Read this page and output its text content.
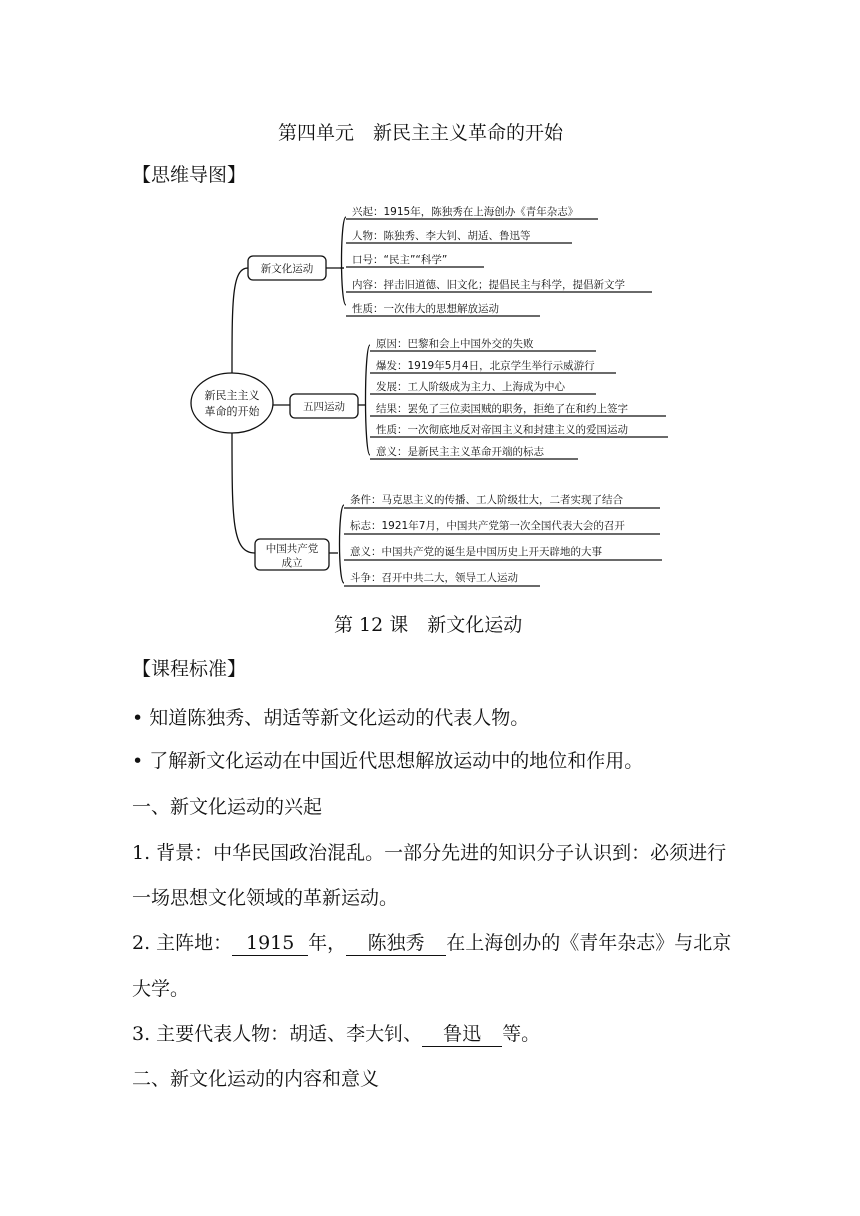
第四单元　新民主主义革命的开始
【思维导图】
新民主主义
革命的开始
新文化运动
五四运动
中国共产党
成立
兴起：1915年，陈独秀在上海创办《青年杂志》
人物：陈独秀、李大钊、胡适、鲁迅等
口号：“民主”“科学”
内容：抨击旧道德、旧文化；提倡民主与科学，提倡新文学
性质：一次伟大的思想解放运动
原因：巴黎和会上中国外交的失败
爆发：1919年5月4日，北京学生举行示威游行
发展：工人阶级成为主力、上海成为中心
结果：罢免了三位卖国贼的职务，拒绝了在和约上签字
性质：一次彻底地反对帝国主义和封建主义的爱国运动
意义：是新民主主义革命开端的标志
条件：马克思主义的传播、工人阶级壮大，二者实现了结合
标志：1921年7月，中国共产党第一次全国代表大会的召开
意义：中国共产党的诞生是中国历史上开天辟地的大事
斗争：召开中共二大，领导工人运动
第 12 课　新文化运动
【课程标准】
• 知道陈独秀、胡适等新文化运动的代表人物。
• 了解新文化运动在中国近代思想解放运动中的地位和作用。
一、新文化运动的兴起
1. 背景：中华民国政治混乱。一部分先进的知识分子认识到：必须进行
一场思想文化领域的革新运动。
2. 主阵地： 1915 年， 陈独秀 在上海创办的《青年杂志》与北京
大学。
3. 主要代表人物：胡适、李大钊、 鲁迅 等。
二、新文化运动的内容和意义
